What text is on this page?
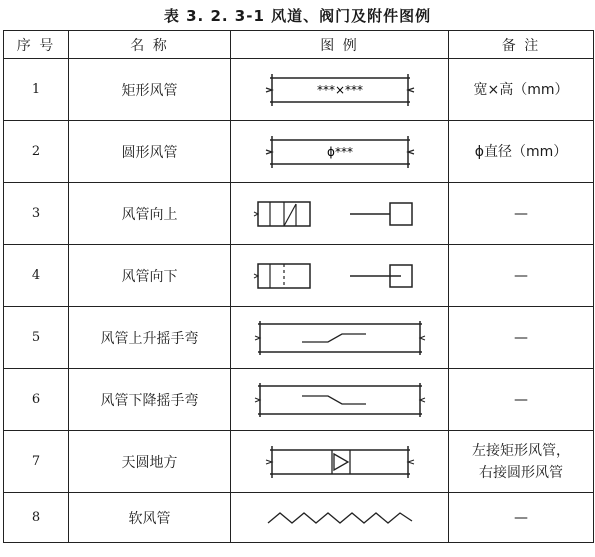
表 3. 2. 3-1 风道、阀门及附件图例
序 号	名 称	图 例	备 注
1	矩形风管	***×***	宽×高（mm）

2	圆形风管	ϕ***	ϕ直径（mm）

3	风管向上		—

4	风管向下		—

5	风管上升摇手弯		—

6	风管下降摇手弯		—

7	天圆地方		左接矩形风管，
右接圆形风管

8	软风管		—
